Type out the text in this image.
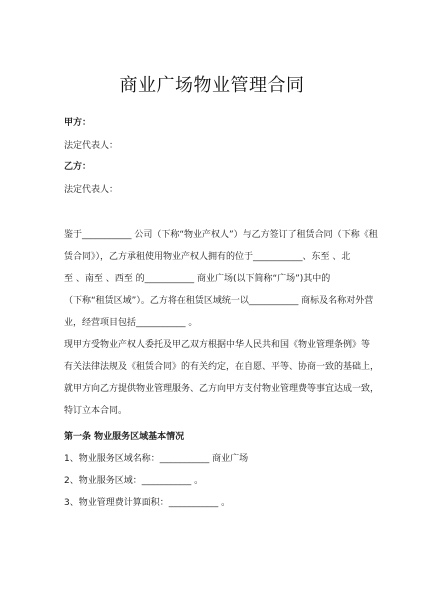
商业广场物业管理合同
甲方：
法定代表人：
乙方：
法定代表人：
鉴于___________ 公司（下称“物业产权人”）与乙方签订了租赁合同（下称《租
赁合同》），乙方承租使用物业产权人拥有的位于___________、东至 、北
至 、南至 、西至 的___________ 商业广场(以下简称“广场”)其中的
（下称“租赁区域”）。乙方将在租赁区域统一以___________ 商标及名称对外营
业，经营项目包括___________ 。
现甲方受物业产权人委托及甲乙双方根据中华人民共和国《物业管理条例》等
有关法律法规及《租赁合同》的有关约定，在自愿、平等、协商一致的基础上，
就甲方向乙方提供物业管理服务、乙方向甲方支付物业管理费等事宜达成一致，
特订立本合同。
第一条 物业服务区域基本情况
1、物业服务区域名称：___________ 商业广场
2、物业服务区域：___________ 。
3、物业管理费计算面积：___________ 。
